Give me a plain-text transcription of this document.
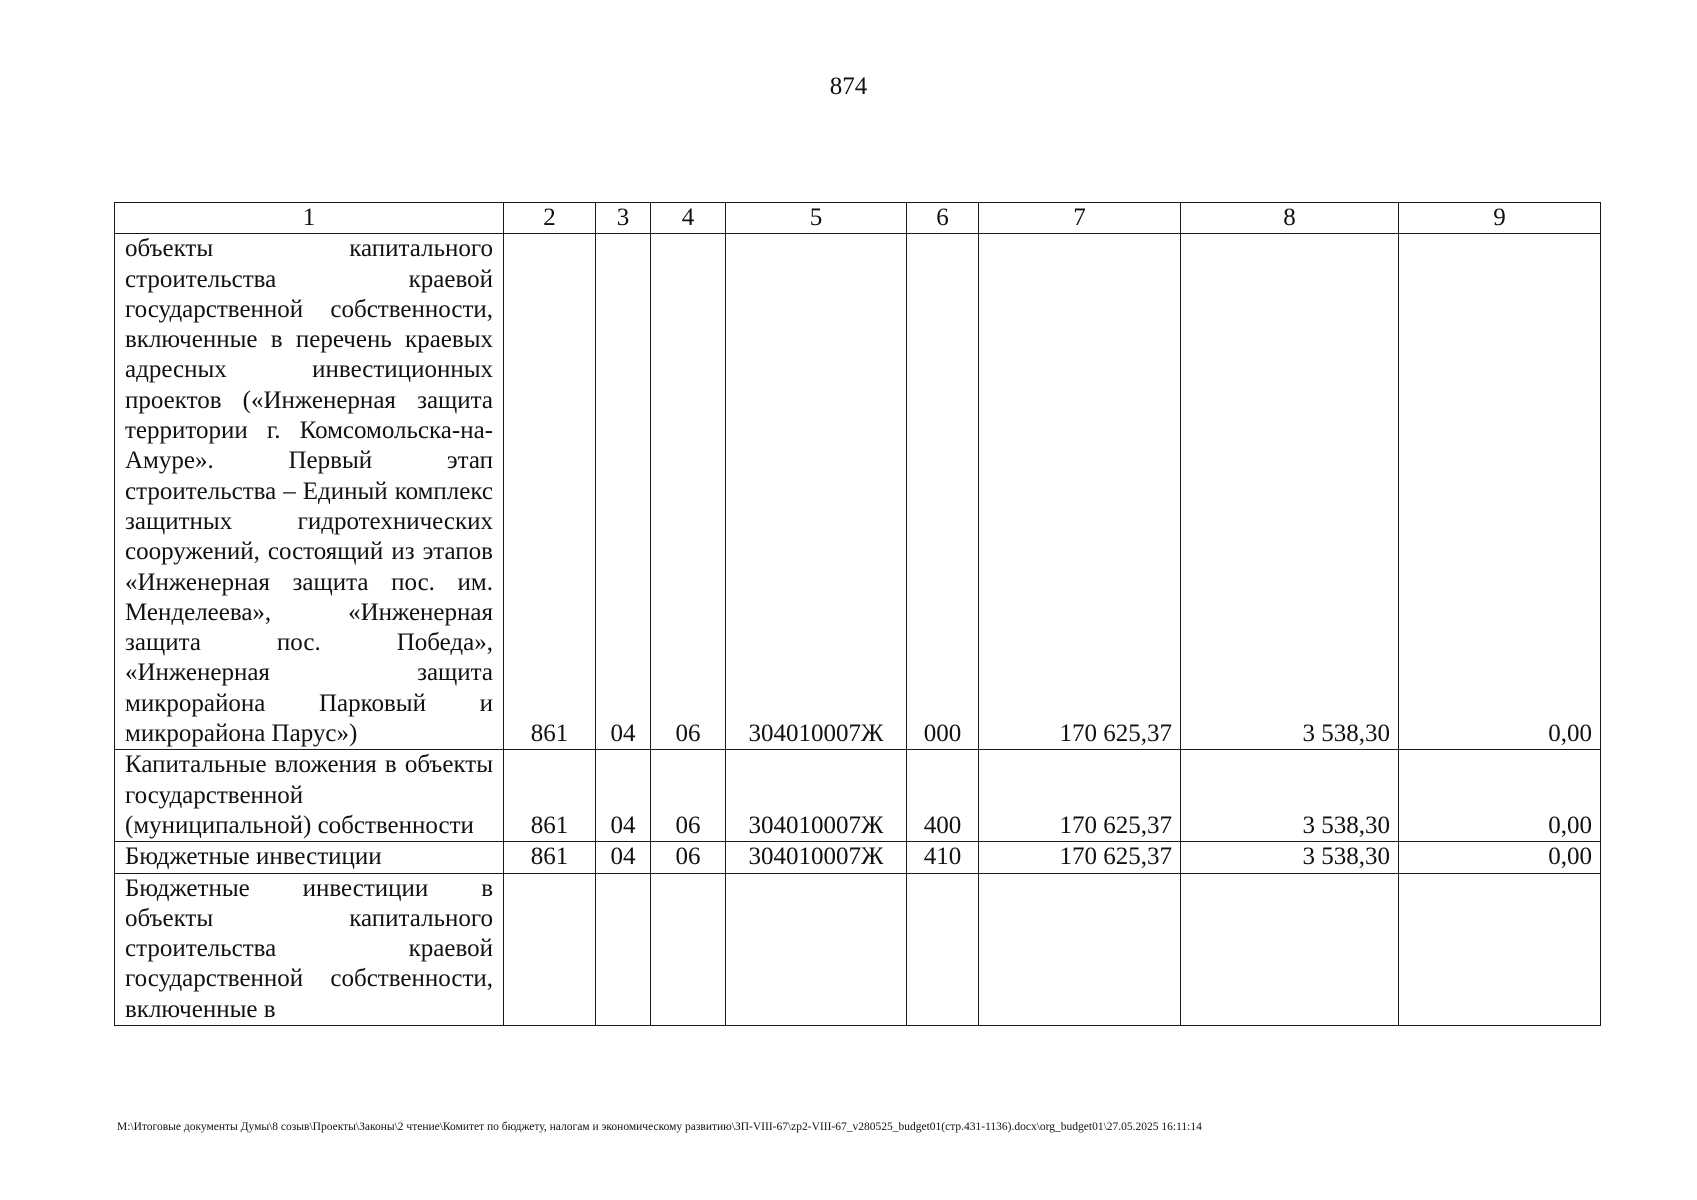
874
1	2	3	4	5	6	7	8	9
объекты капитального строительства краевой государственной собственности, включенные в перечень краевых адресных инвестиционных проектов («Инженерная защита территории г. Комсомольска-на-Амуре». Первый этап строительства – Единый комплекс защитных гидротехнических сооружений, состоящий из этапов «Инженерная защита пос. им. Менделеева», «Инженерная защита пос. Победа», «Инженерная защита микрорайона Парковый и микрорайона Парус»)	861	04	06	304010007Ж	000	170 625,37	3 538,30	0,00
Капитальные вложения в объекты государственной (муниципальной) собственности	861	04	06	304010007Ж	400	170 625,37	3 538,30	0,00
Бюджетные инвестиции	861	04	06	304010007Ж	410	170 625,37	3 538,30	0,00
Бюджетные инвестиции в объекты капитального строительства краевой государственной собственности, включенные в								
M:\Итоговые документы Думы\8 созыв\Проекты\Законы\2 чтение\Комитет по бюджету, налогам и экономическому развитию\ЗП-VIII-67\zp2-VIII-67_v280525_budget01(стр.431-1136).docx\org_budget01\27.05.2025 16:11:14
